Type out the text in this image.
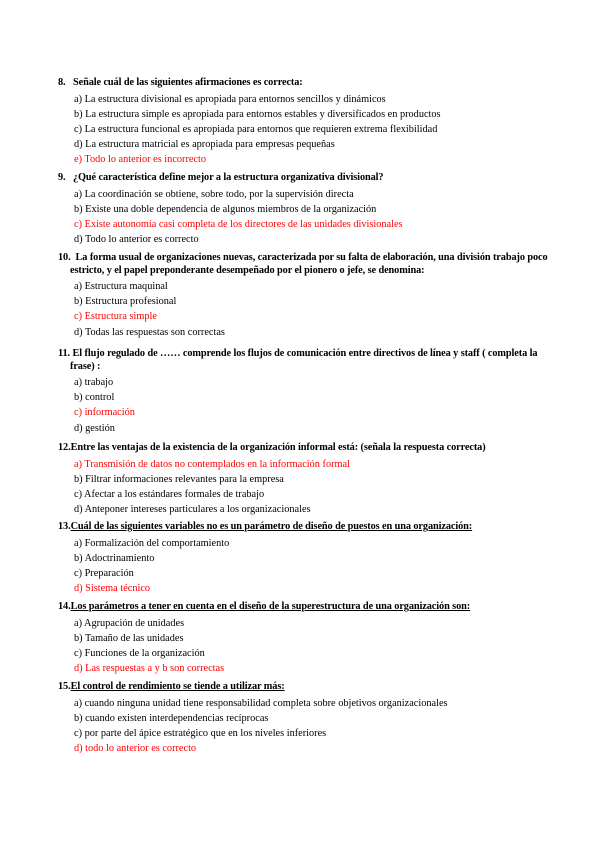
8. Señale cuál de las siguientes afirmaciones es correcta:
a) La estructura divisional es apropiada para entornos sencillos y dinámicos
b) La estructura simple es apropiada para entornos estables y diversificados en productos
c) La estructura funcional es apropiada para entornos que requieren extrema flexibilidad
d) La estructura matricial es apropiada para empresas pequeñas
e) Todo lo anterior es incorrecto
9. ¿Qué característica define mejor a la estructura organizativa divisional?
a) La coordinación se obtiene, sobre todo, por la supervisión directa
b) Existe una doble dependencia de algunos miembros de la organización
c) Existe autonomía casi completa de los directores de las unidades divisionales
d) Todo lo anterior es correcto
10. La forma usual de organizaciones nuevas, caracterizada por su falta de elaboración, una división trabajo poco estricto, y el papel preponderante desempeñado por el pionero o jefe, se denomina:
a) Estructura maquinal
b) Estructura profesional
c) Estructura simple
d) Todas las respuestas son correctas
11. El flujo regulado de …… comprende los flujos de comunicación entre directivos de línea y staff ( completa la frase) :
a) trabajo
b) control
c) información
d) gestión
12.Entre las ventajas de la existencia de la organización informal está: (señala la respuesta correcta)
a) Transmisión de datos no contemplados en la información formal
b) Filtrar informaciones relevantes para la empresa
c) Afectar a los estándares formales de trabajo
d) Anteponer intereses particulares a los organizacionales
13.Cuál de las siguientes variables no es un parámetro de diseño de puestos en una organización:
a) Formalización del comportamiento
b) Adoctrinamiento
c) Preparación
d) Sistema técnico
14.Los parámetros a tener en cuenta en el diseño de la superestructura de una organización son:
a) Agrupación de unidades
b) Tamaño de las unidades
c) Funciones de la organización
d) Las respuestas a y b son correctas
15.El control de rendimiento se tiende a utilizar más:
a) cuando ninguna unidad tiene responsabilidad completa sobre objetivos organizacionales
b) cuando existen interdependencias recíprocas
c) por parte del ápice estratégico que en los niveles inferiores
d) todo lo anterior es correcto
